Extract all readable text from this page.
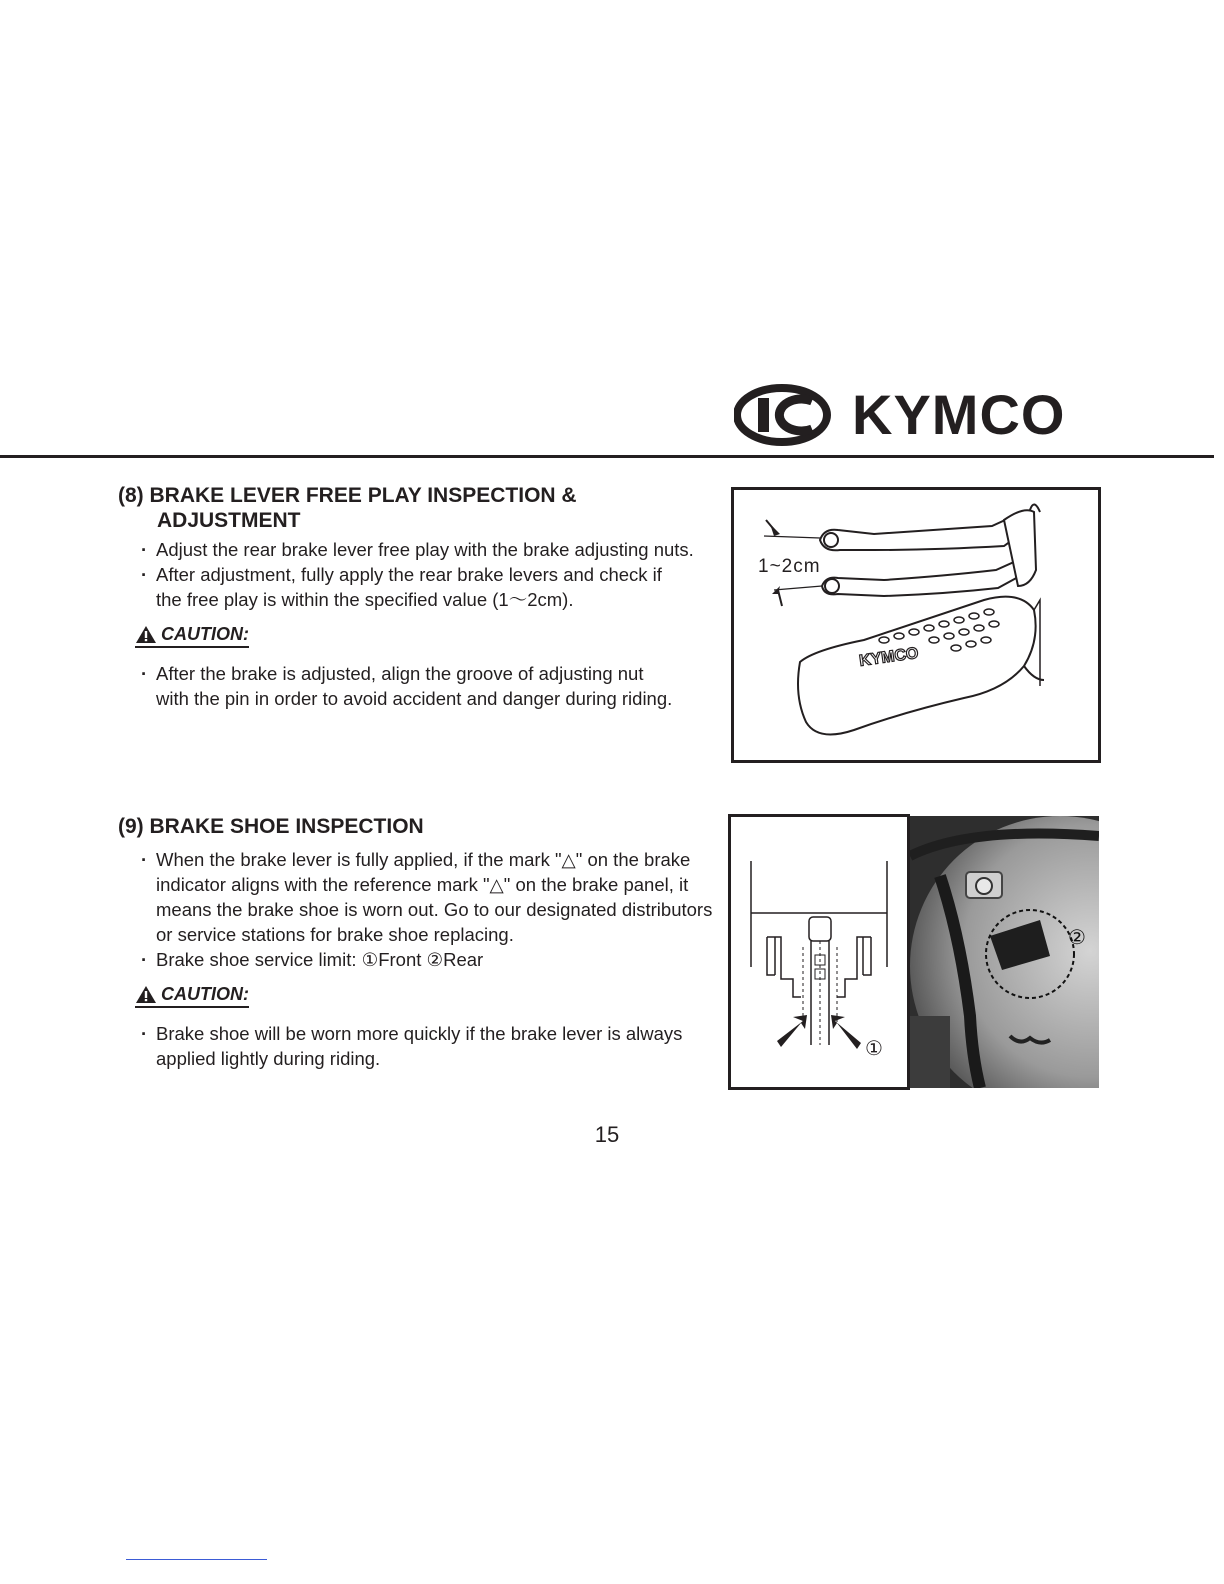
KYMCO

(8) BRAKE LEVER FREE PLAY INSPECTION &

ADJUSTMENT

· Adjust the rear brake lever free play with the brake adjusting nuts.

· After adjustment, fully apply the rear brake levers and check if the free play is within the specified value (1～2cm).

CAUTION:

· After the brake is adjusted, align the groove of adjusting nut with the pin in order to avoid accident and danger during riding.

KYMCO
1~2cm

(9) BRAKE SHOE INSPECTION

· When the brake lever is fully applied, if the mark "△" on the brake indicator aligns with the reference mark "△" on the brake panel, it means the brake shoe is worn out. Go to our designated distributors or service stations for brake shoe replacing.

· Brake shoe service limit: ①Front ②Rear

CAUTION:

· Brake shoe will be worn more quickly if the brake lever is always applied lightly during riding.	①
②
15
